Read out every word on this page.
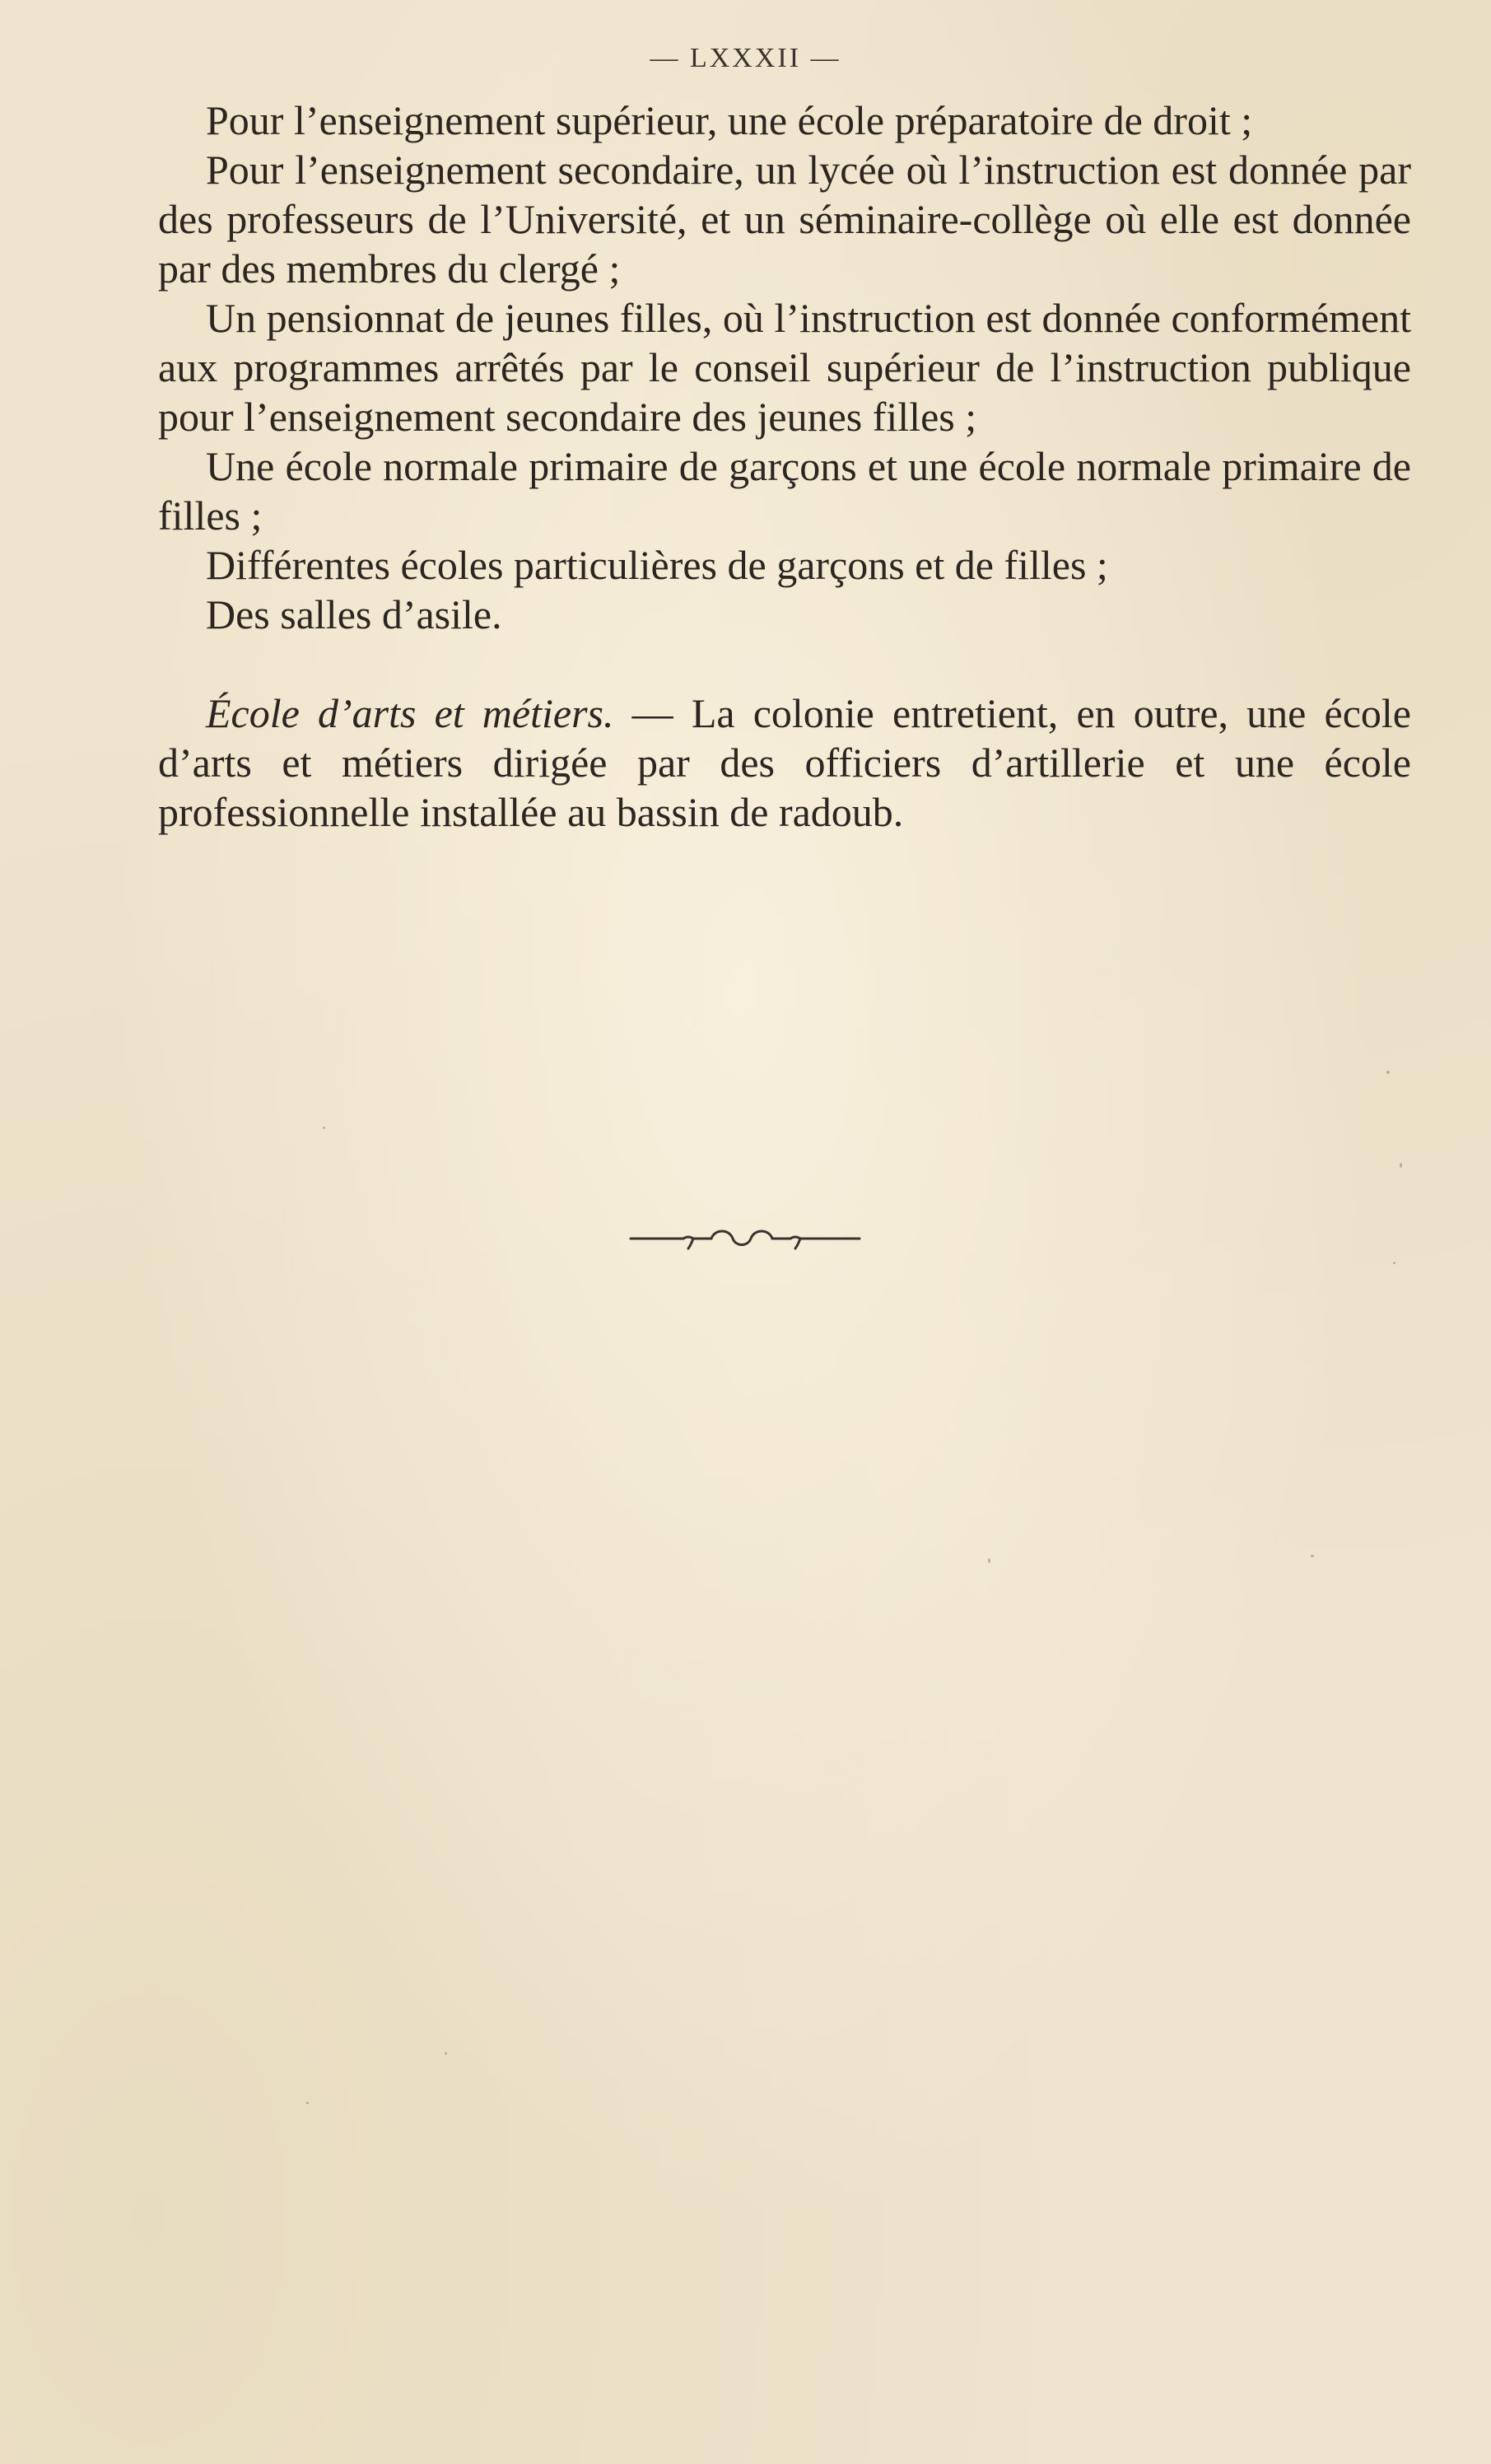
— LXXXII —

Pour l’enseignement supérieur, une école préparatoire de droit ;

Pour l’enseignement secondaire, un lycée où l’instruction est donnée par des professeurs de l’Université, et un séminaire-collège où elle est donnée par des membres du clergé ;

Un pensionnat de jeunes filles, où l’instruction est donnée conformément aux programmes arrêtés par le conseil supérieur de l’instruction publique pour l’enseignement secondaire des jeunes filles ;

Une école normale primaire de garçons et une école normale primaire de filles ;

Différentes écoles particulières de garçons et de filles ;

Des salles d’asile.

École d’arts et métiers. — La colonie entretient, en outre, une école d’arts et métiers dirigée par des officiers d’artillerie et une école professionnelle installée au bassin de radoub.
